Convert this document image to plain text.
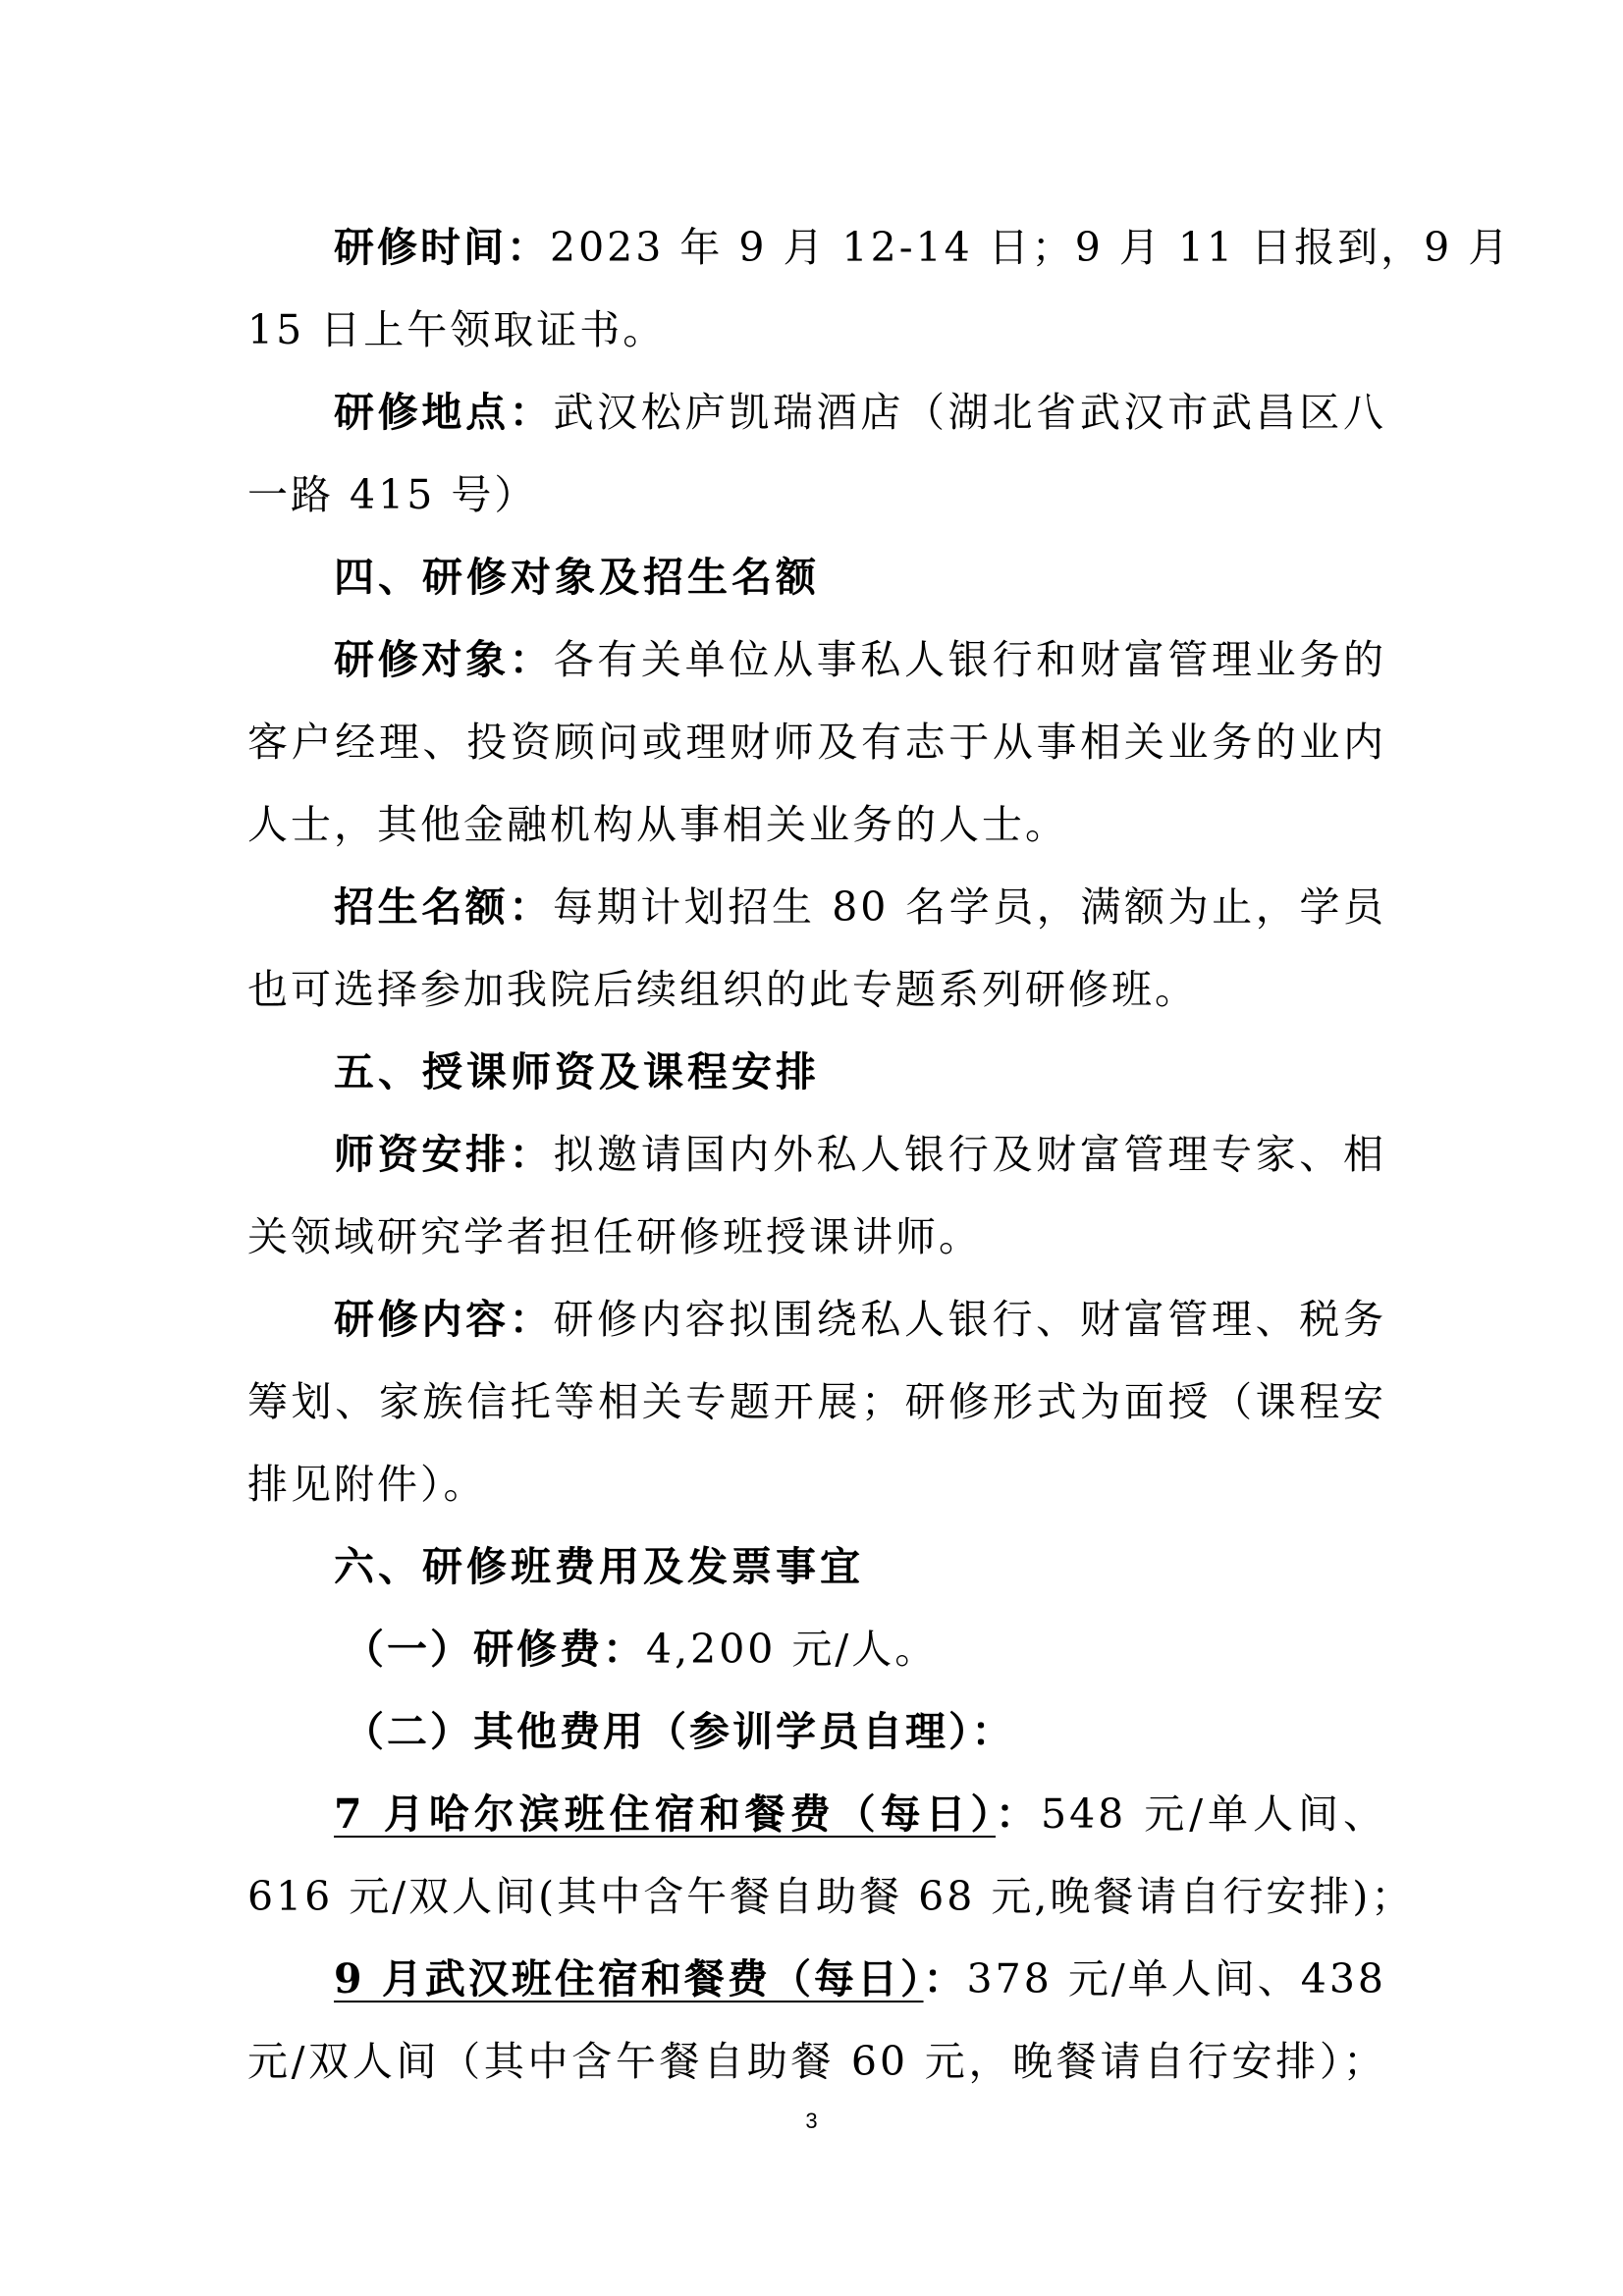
研修时间：2023 年 9 月 12-14 日；9 月 11 日报到，9 月
15 日上午领取证书。
研修地点：武汉松庐凯瑞酒店（湖北省武汉市武昌区八
一路 415 号）
四、研修对象及招生名额
研修对象：各有关单位从事私人银行和财富管理业务的
客户经理、投资顾问或理财师及有志于从事相关业务的业内
人士，其他金融机构从事相关业务的人士。
招生名额：每期计划招生 80 名学员，满额为止，学员
也可选择参加我院后续组织的此专题系列研修班。
五、授课师资及课程安排
师资安排：拟邀请国内外私人银行及财富管理专家、相
关领域研究学者担任研修班授课讲师。
研修内容：研修内容拟围绕私人银行、财富管理、税务
筹划、家族信托等相关专题开展；研修形式为面授（课程安
排见附件）。
六、研修班费用及发票事宜
（一）研修费：4,200 元/人。
（二）其他费用（参训学员自理）：
7 月哈尔滨班住宿和餐费（每日）：548 元/单人间、
616 元/双人间(其中含午餐自助餐 68 元,晚餐请自行安排)；
9 月武汉班住宿和餐费（每日）：378 元/单人间、438
元/双人间（其中含午餐自助餐 60 元，晚餐请自行安排）；
3
